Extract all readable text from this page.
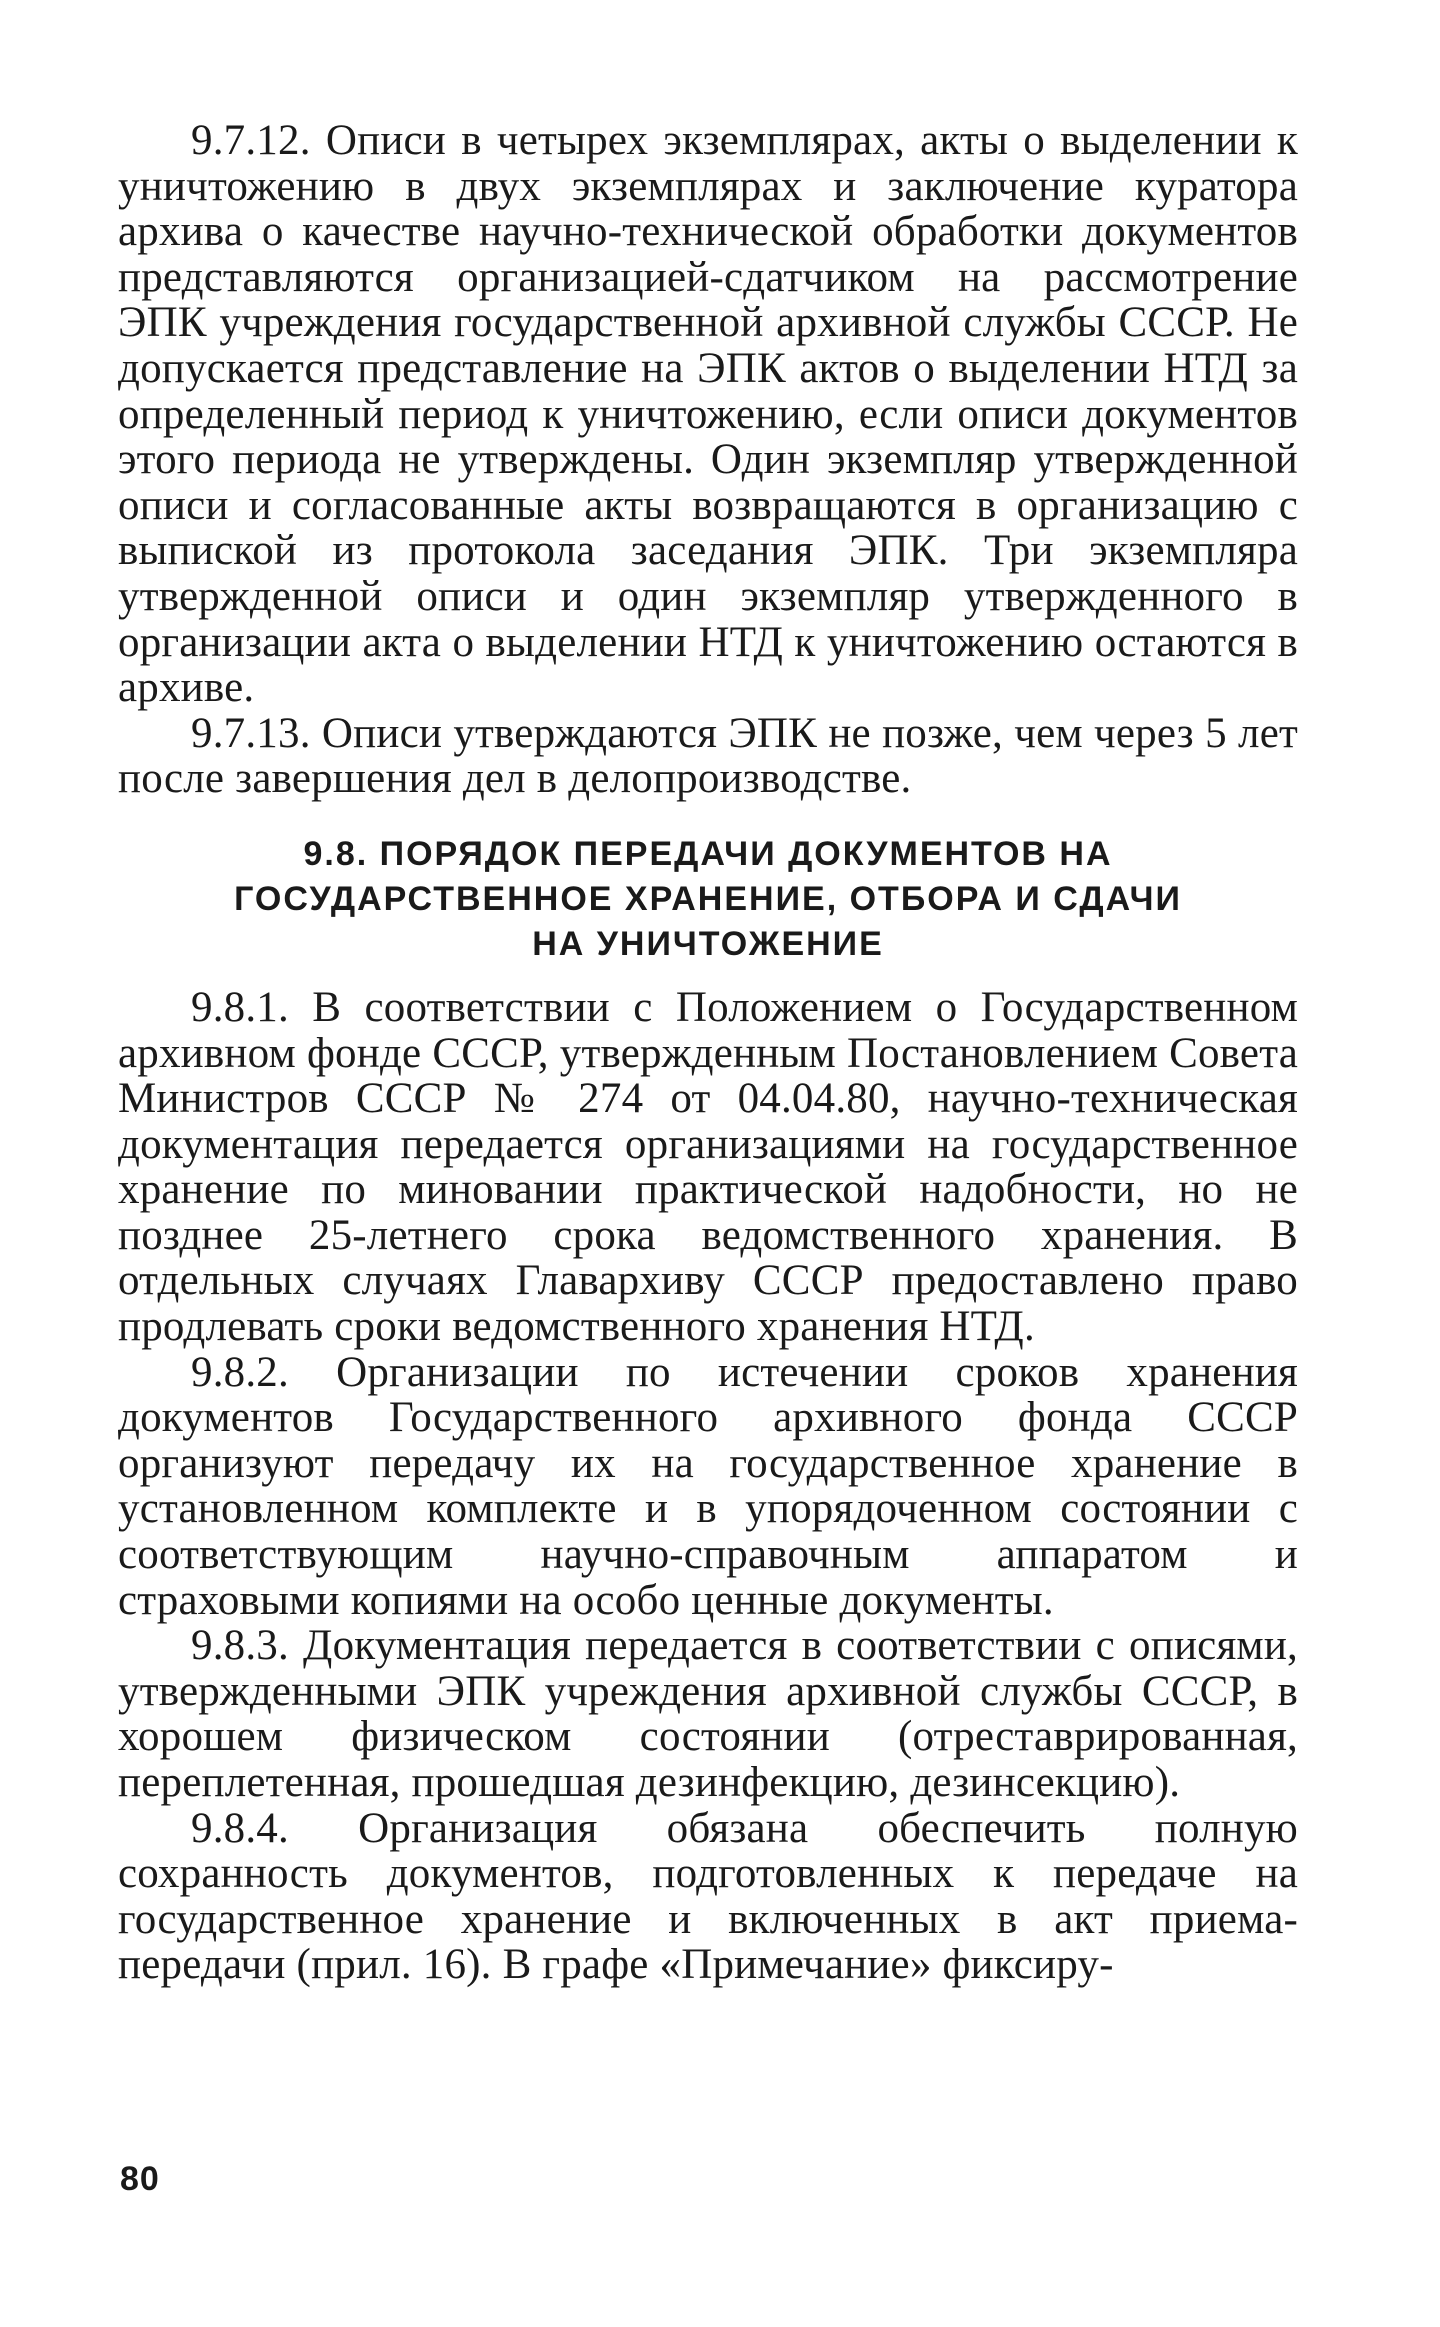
9.7.12. Описи в четырех экземплярах, акты о выделении к уничтожению в двух экземплярах и заключение куратора архива о качестве научно-технической обработки документов представляются организацией-сдатчиком на рассмотрение ЭПК учреждения государственной архивной службы СССР. Не допускается представление на ЭПК актов о выделении НТД за определенный период к уничтожению, если описи документов этого периода не утверждены. Один экземпляр утвержденной описи и согласованные акты возвращаются в организацию с выпиской из протокола заседания ЭПК. Три экземпляра утвержденной описи и один экземпляр утвержденного в организации акта о выделении НТД к уничтожению остаются в архиве.

9.7.13. Описи утверждаются ЭПК не позже, чем через 5 лет после завершения дел в делопроизводстве.

9.8. ПОРЯДОК ПЕРЕДАЧИ ДОКУМЕНТОВ НА
ГОСУДАРСТВЕННОЕ ХРАНЕНИЕ, ОТБОРА И СДАЧИ
НА УНИЧТОЖЕНИЕ

9.8.1. В соответствии с Положением о Государственном архивном фонде СССР, утвержденным Постановлением Совета Министров СССР № 274 от 04.04.80, научно-техническая документация передается организациями на государственное хранение по миновании практической надобности, но не позднее 25-летнего срока ведомственного хранения. В отдельных случаях Главархиву СССР предоставлено право продлевать сроки ведомственного хранения НТД.

9.8.2. Организации по истечении сроков хранения документов Государственного архивного фонда СССР организуют передачу их на государственное хранение в установленном комплекте и в упорядоченном состоянии с соответствующим научно-справочным аппаратом и страховыми копиями на особо ценные документы.

9.8.3. Документация передается в соответствии с описями, утвержденными ЭПК учреждения архивной службы СССР, в хорошем физическом состоянии (отреставрированная, переплетенная, прошедшая дезинфекцию, дезинсекцию).

9.8.4. Организация обязана обеспечить полную сохранность документов, подготовленных к передаче на государственное хранение и включенных в акт приема-передачи (прил. 16). В графе «Примечание» фиксиру-

80
